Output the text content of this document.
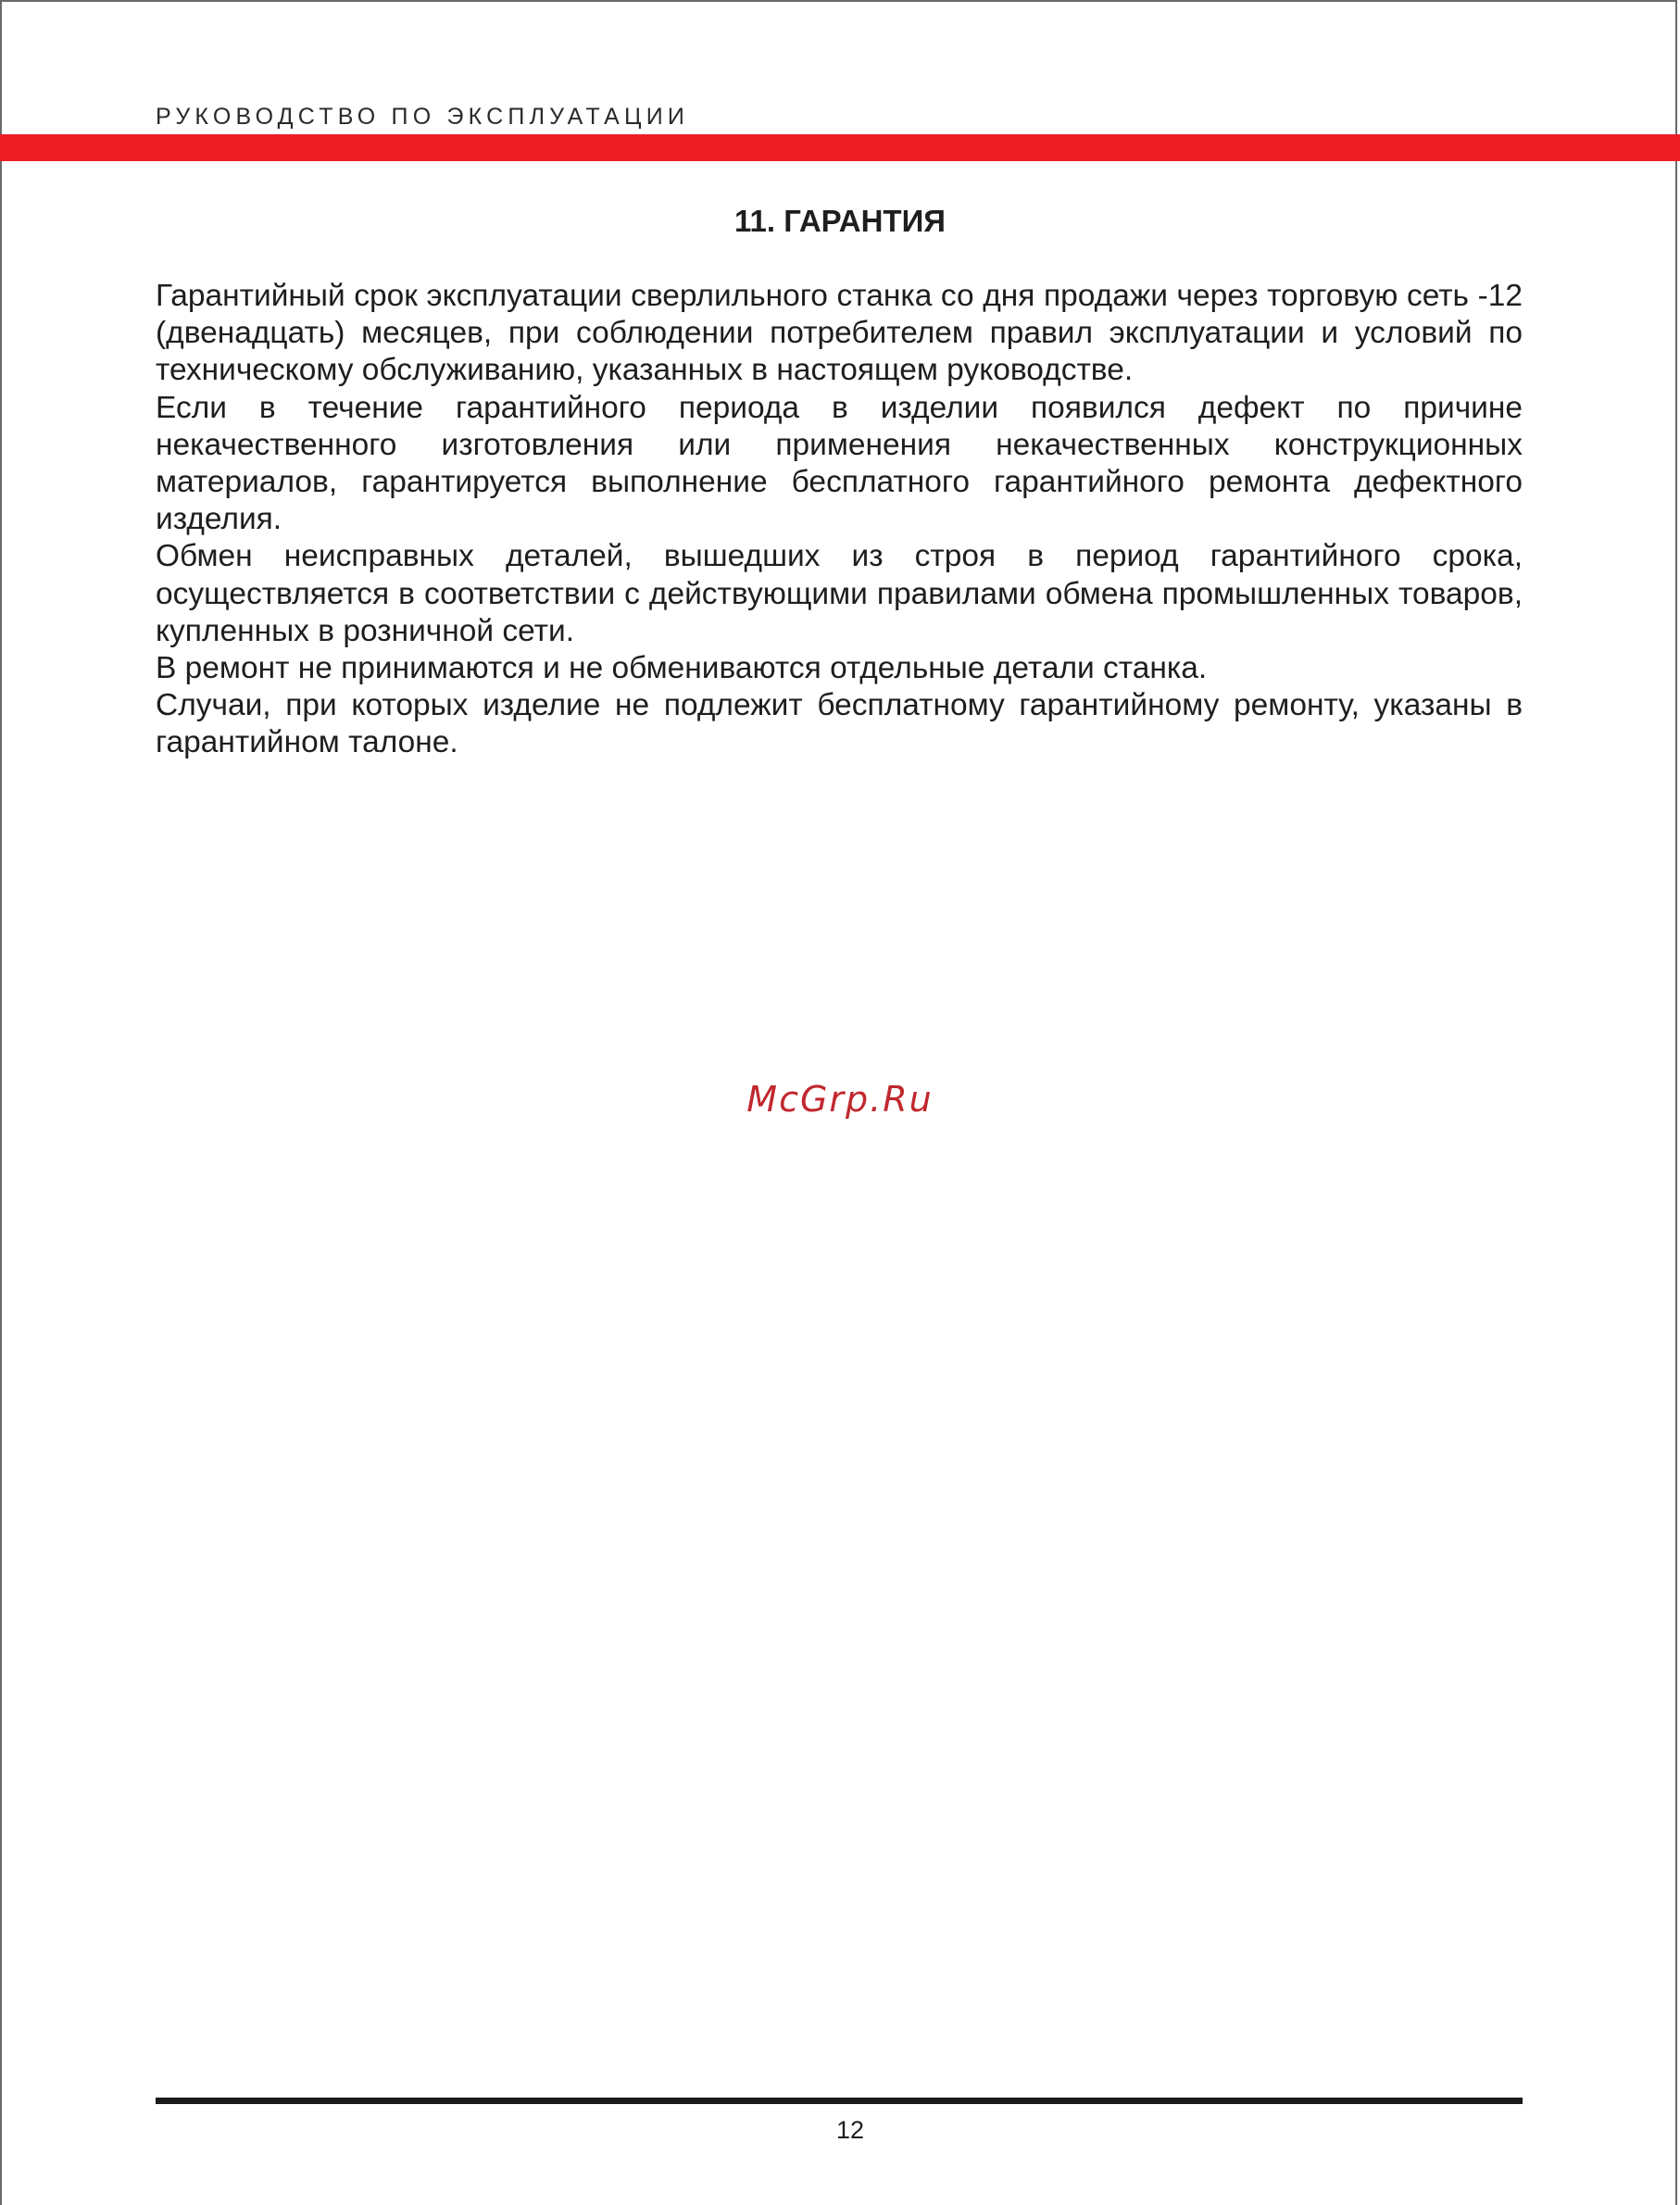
РУКОВОДСТВО ПО ЭКСПЛУАТАЦИИ
11. ГАРАНТИЯ

Гарантийный срок эксплуатации сверлильного станка со дня продажи через торговую сеть -12 (двенадцать) месяцев, при соблюдении потребителем правил эксплуатации и условий по техническому обслуживанию, указанных в настоящем руководстве.

Если в течение гарантийного периода в изделии появился дефект по причине некачественного изготовления или применения некачественных конструкционных материалов, гарантируется выполнение бесплатного гарантийного ремонта дефектного изделия.

Обмен неисправных деталей, вышедших из строя в период гарантийного срока, осуществляется в соответствии с действующими правилами обмена промышленных товаров, купленных в розничной сети.

В ремонт не принимаются и не обмениваются отдельные детали станка.

Случаи, при которых изделие не подлежит бесплатному гарантийному ремонту, указаны в гарантийном талоне.

McGrp.Ru
12
